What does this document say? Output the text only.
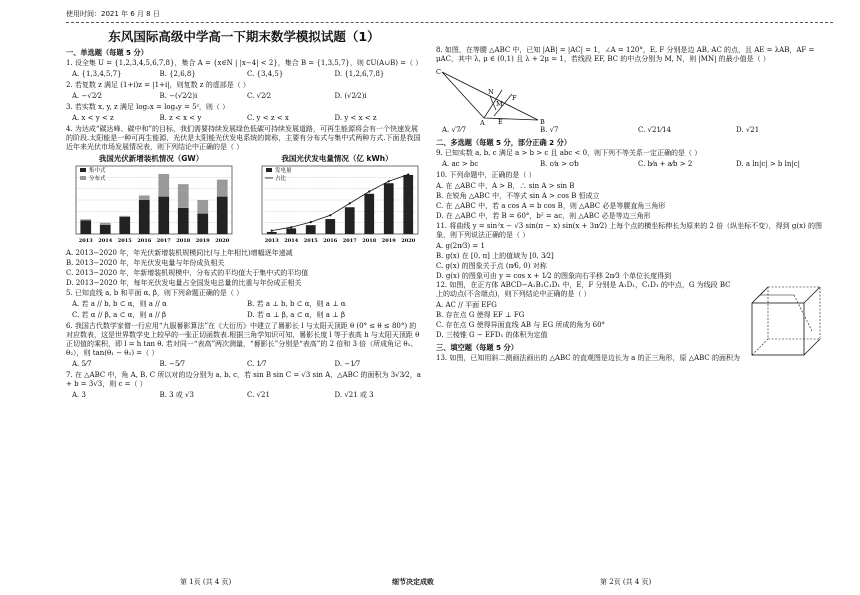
使用时间：2021 年 6 月 8 日
东风国际高级中学高一下期末数学模拟试题（1）
一、单选题（每题 5 分）
1. 设全集 U = {1,2,3,4,5,6,7,8}，集合 A = {x∈N | |x−4| < 2}，集合 B = {1,3,5,7}，则 ∁U(A∪B) =（ ）
A. {1,3,4,5,7}	B. {2,6,8}	C. {3,4,5}	D. {1,2,6,7,8}
2. 若复数 z 满足 (1+i)z = |1+i|，则复数 z 的虚部是（ ）
A. −√2⁄2	B. −(√2⁄2)i	C. √2⁄2	D. (√2⁄2)i
3. 若实数 x, y, z 满足 log₂x = log₄y = 5ᶻ，则（ ）
A. x < y < z	B. z < x < y	C. y < z < x	D. y < x < z
4. 为达成“碳达峰、碳中和”的目标，我们需要持续发展绿色低碳可持续发展道路，可再生能源将会有一个快速发展的阶段.太阳能是一种可再生能源，光伏是太阳能光伏发电系统的简称，主要有分布式与集中式两种方式.下面是我国近年来光伏市场发展情况表，则下列结论中正确的是（ ）
我国光伏新增装机情况（GW）
2013 2014 2015 2016 2017 2018 2019 2020
集中式
分布式
我国光伏发电量情况（亿 kWh）
2013 2014 2015 2016 2017 2018 2019 2020
发电量
占比
A. 2013−2020 年，年光伏新增装机规模同比(与上年相比)增幅逐年递减
B. 2013−2020 年，年光伏发电量与年份成负相关
C. 2013−2020 年，年新增装机规模中，分布式的平均值大于集中式的平均值
D. 2013−2020 年，每年光伏发电量占全国发电总量的比重与年份成正相关
5. 已知直线 a, b 和平面 α, β，则下列命题正确的是（ ）
A. 若 a // b, b ⊂ α，则 a // α	B. 若 a ⊥ b, b ⊂ α，则 a ⊥ α
C. 若 α // β, a ⊂ α，则 a // β	D. 若 α ⊥ β, a ⊂ α，则 a ⊥ β
6. 我国古代数学家僧一行应用“九服晷影算法”在《大衍历》中建立了晷影长 l 与太阳天顶距 θ (0° ≤ θ ≤ 80°) 的对应数表，这是世界数学史上较早的一张正切函数表.根据三角学知识可知，晷影长度 l 等于表高 h 与太阳天顶距 θ 正切值的乘积，即 l = h tan θ. 若对同一“表高”两次测量，“晷影长”分别是“表高”的 2 倍和 3 倍（所成角记 θ₁、θ₂），则 tan(θ₁ − θ₂) =（ ）
A. 5⁄7	B. −5⁄7	C. 1⁄7	D. −1⁄7
7. 在 △ABC 中，角 A, B, C 所以对的边分别为 a, b, c，若 sin B sin C = √3 sin A，△ABC 的面积为 3√3⁄2，a + b = 3√3，则 c =（ ）
A. 3	B. 3 或 √3	C. √21	D. √21 或 3
8. 如图，在等腰 △ABC 中，已知 |AB| = |AC| = 1，∠A = 120°，E, F 分别是边 AB, AC 的点，且 AE = λAB，AF = μAC，其中 λ, μ ∈ (0,1) 且 λ + 2μ = 1，若线段 EF, BC 的中点分别为 M, N，则 |MN| 的最小值是（ ）
C
N
M
F
A E	B
A. √7⁄7	B. √7	C. √21⁄14	D. √21
二、多选题（每题 5 分，部分正确 2 分）
9. 已知实数 a, b, c 满足 a > b > c 且 abc < 0，则下列不等关系一定正确的是（ ）
A. ac > bc	B. c⁄a > c⁄b	C. b⁄a + a⁄b > 2	D. a ln|c| > b ln|c|
10. 下列命题中，正确的是（ ）
A. 在 △ABC 中，A > B，∴ sin A > sin B
B. 在锐角 △ABC 中，不等式 sin A > cos B 恒成立
C. 在 △ABC 中，若 a cos A = b cos B，则 △ABC 必是等腰直角三角形
D. 在 △ABC 中，若 B = 60°，b² = ac，则 △ABC 必是等边三角形
11. 将曲线 y = sin²x − √3 sin(π − x) sin(x + 3π⁄2) 上每个点的横坐标伸长为原来的 2 倍（纵坐标不变），得到 g(x) 的图象，则下列说法正确的是（ ）
A. g(2π⁄3) = 1
B. g(x) 在 [0, π] 上的值域为 [0, 3⁄2]
C. g(x) 的图象关于点 (π⁄6, 0) 对称
D. g(x) 的图象可由 y = cos x + 1⁄2 的图象向右平移 2π⁄3 个单位长度得到
12. 如图，在正方体 ABCD−A₁B₁C₁D₁ 中，E，F 分别是 A₁D₁，C₁D₁ 的中点，G 为线段 BC 上的动点(不含端点)，则下列结论中正确的是（ ）
A. AC // 平面 EFG
B. 存在点 G 使得 EF ⊥ FG
C. 存在点 G 使得异面直线 AB 与 EG 所成的角为 60°
D. 三棱锥 G − EFD₁ 的体积为定值
三、填空题（每题 5 分）
13. 如图，已知用斜二测画法画出的 △ABC 的直观图是边长为 a 的正三角形，原 △ABC 的面积为
第 1页 (共 4 页)	细节决定成败	第 2页 (共 4 页)
